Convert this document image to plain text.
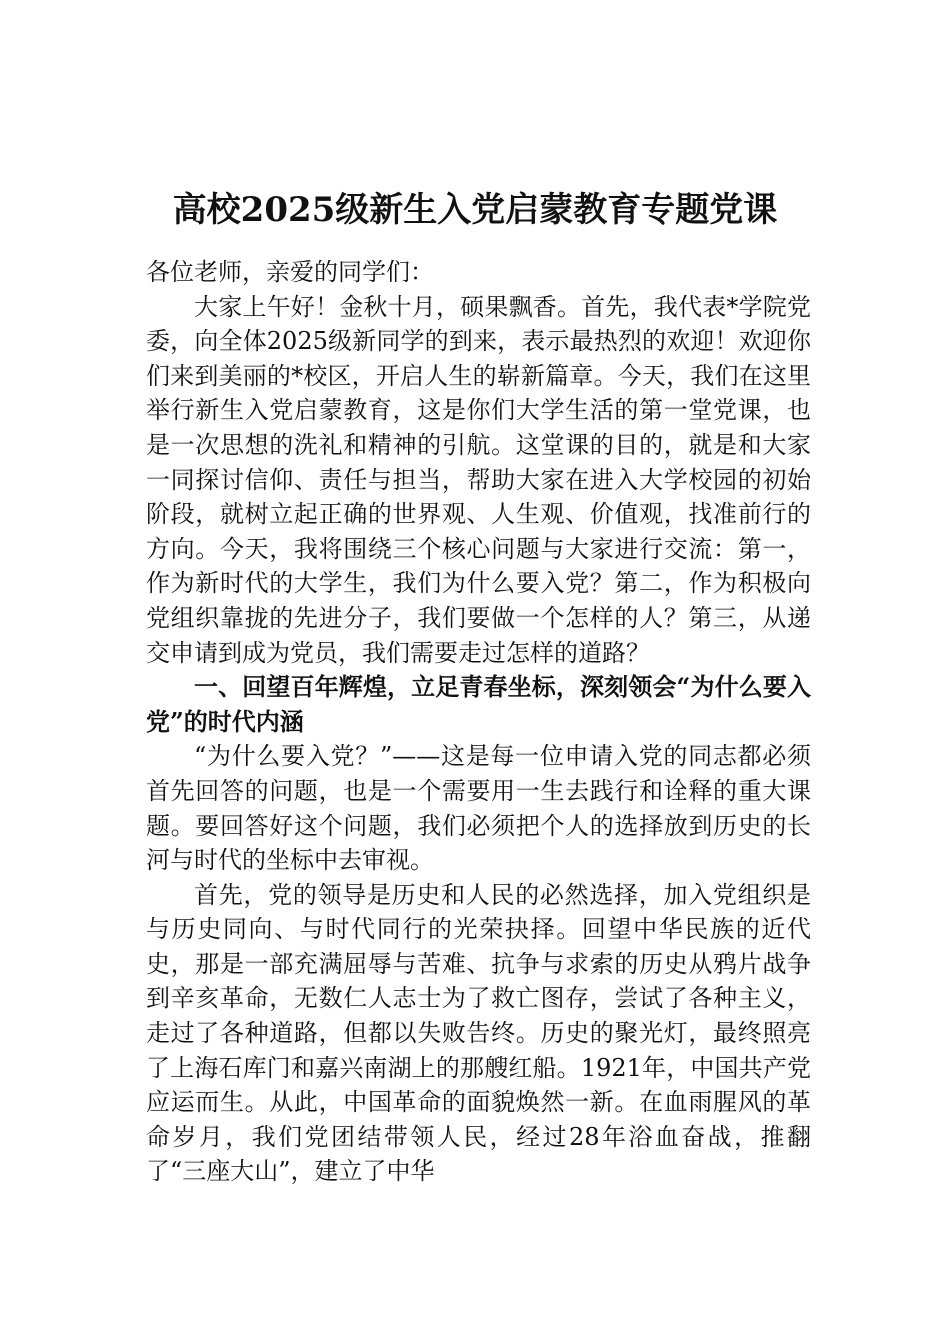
高校2025级新生入党启蒙教育专题党课

各位老师，亲爱的同学们：

大家上午好！金秋十月，硕果飘香。首先，我代表*学院党委，向全体2025级新同学的到来，表示最热烈的欢迎！欢迎你们来到美丽的*校区，开启人生的崭新篇章。今天，我们在这里举行新生入党启蒙教育，这是你们大学生活的第一堂党课，也是一次思想的洗礼和精神的引航。这堂课的目的，就是和大家一同探讨信仰、责任与担当，帮助大家在进入大学校园的初始阶段，就树立起正确的世界观、人生观、价值观，找准前行的方向。今天，我将围绕三个核心问题与大家进行交流：第一，作为新时代的大学生，我们为什么要入党？第二，作为积极向党组织靠拢的先进分子，我们要做一个怎样的人？第三，从递交申请到成为党员，我们需要走过怎样的道路？

一、回望百年辉煌，立足青春坐标，深刻领会“为什么要入党”的时代内涵

“为什么要入党？”——这是每一位申请入党的同志都必须首先回答的问题，也是一个需要用一生去践行和诠释的重大课题。要回答好这个问题，我们必须把个人的选择放到历史的长河与时代的坐标中去审视。

首先，党的领导是历史和人民的必然选择，加入党组织是与历史同向、与时代同行的光荣抉择。回望中华民族的近代史，那是一部充满屈辱与苦难、抗争与求索的历史从鸦片战争到辛亥革命，无数仁人志士为了救亡图存，尝试了各种主义，走过了各种道路，但都以失败告终。历史的聚光灯，最终照亮了上海石库门和嘉兴南湖上的那艘红船。1921年，中国共产党应运而生。从此，中国革命的面貌焕然一新。在血雨腥风的革命岁月，我们党团结带领人民，经过28年浴血奋战，推翻了“三座大山”，建立了中华
